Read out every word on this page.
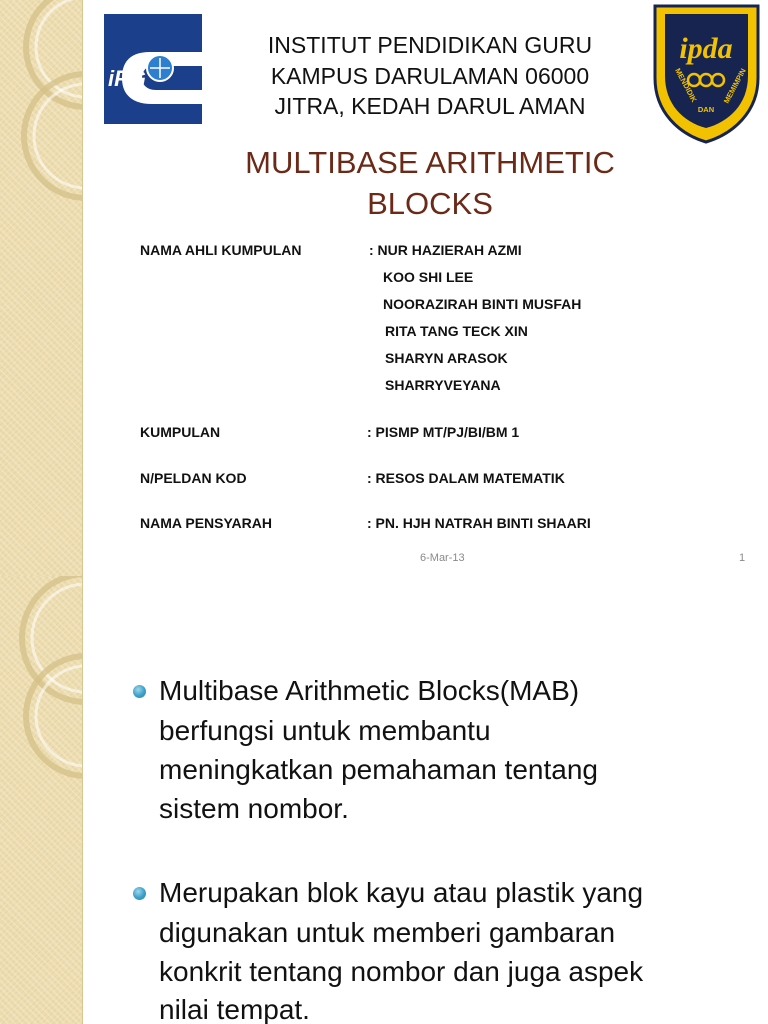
iPG
ipda
MENDIDIK
DAN
MEMIMPIN
INSTITUT PENDIDIKAN GURU
KAMPUS DARULAMAN 06000
JITRA, KEDAH DARUL AMAN
MULTIBASE ARITHMETIC
BLOCKS
NAMA AHLI KUMPULAN	: NUR HAZIERAH AZMI
KOO SHI LEE
NOORAZIRAH BINTI MUSFAH
RITA TANG TECK XIN
SHARYN ARASOK
SHARRYVEYANA
KUMPULAN	: PISMP MT/PJ/BI/BM 1
N/PELDAN KOD	: RESOS DALAM MATEMATIK
NAMA PENSYARAH	: PN. HJH NATRAH BINTI SHAARI
6-Mar-13	1
Multibase Arithmetic Blocks(MAB)
berfungsi untuk membantu
meningkatkan pemahaman tentang
sistem nombor.
Merupakan blok kayu atau plastik yang
digunakan untuk memberi gambaran
konkrit tentang nombor dan juga aspek
nilai tempat.
